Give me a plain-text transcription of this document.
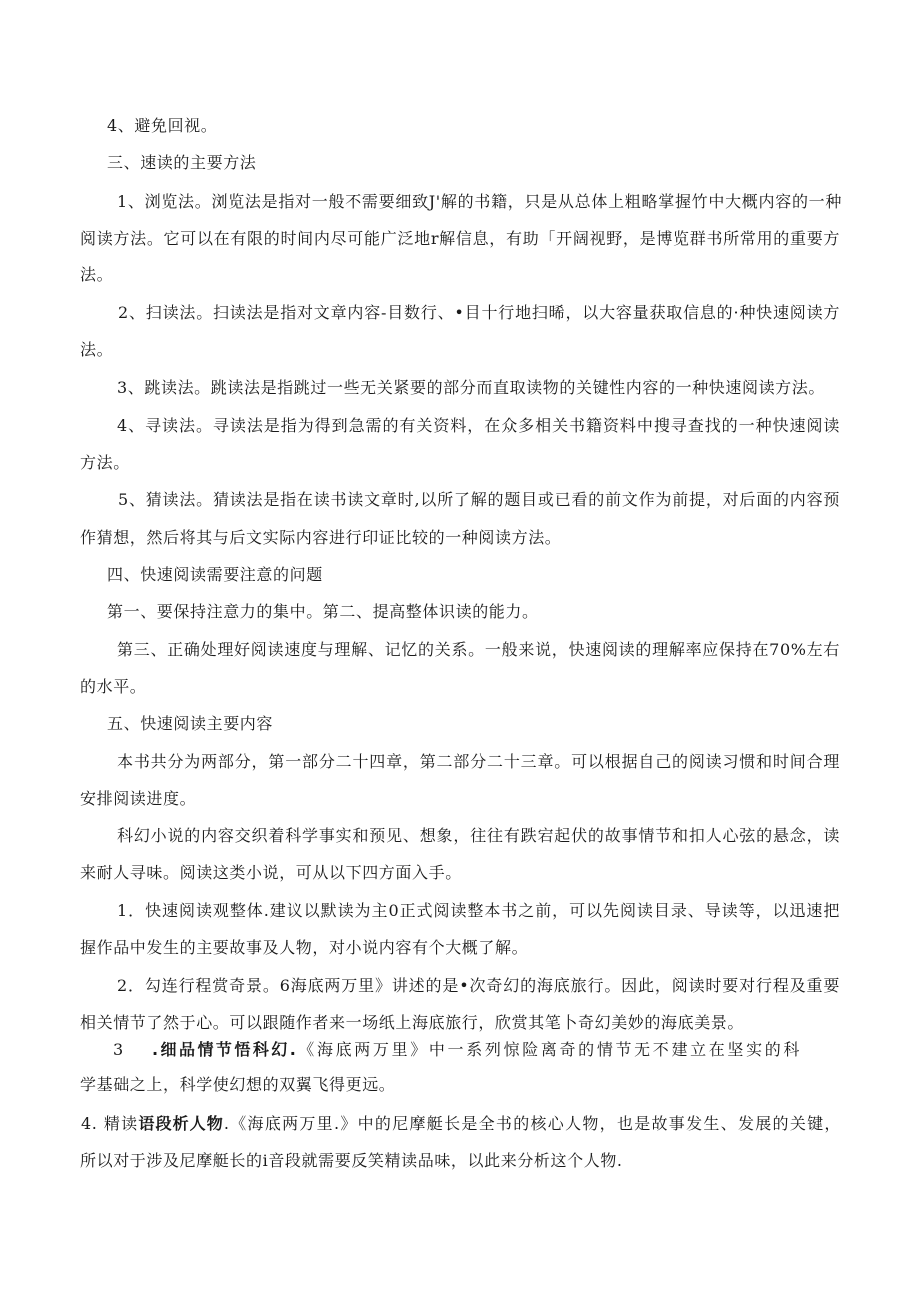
4、避免回视。
三、速读的主要方法
1、浏览法。浏览法是指对一般不需要细致J'解的书籍，只是从总体上粗略掌握竹中大概内容的一种
阅读方法。它可以在有限的时间内尽可能广泛地r解信息，有助「开阔视野，是博览群书所常用的重要方
法。
2、扫读法。扫读法是指对文章内容-目数行、•目十行地扫晞，以大容量获取信息的·种快速阅读方
法。
3、跳读法。跳读法是指跳过一些无关紧要的部分而直取读物的关键性内容的一种快速阅读方法。
4、寻读法。寻读法是指为得到急需的有关资料，在众多相关书籍资料中搜寻查找的一种快速阅读
方法。
5、猜读法。猜读法是指在读书读文章时,以所了解的题目或已看的前文作为前提，对后面的内容预
作猜想，然后将其与后文实际内容进行印证比较的一种阅读方法。
四、快速阅读需要注意的问题
第一、要保持注意力的集中。第二、提高整体识读的能力。
第三、正确处理好阅读速度与理解、记忆的关系。一般来说，快速阅读的理解率应保持在70%左右
的水平。
五、快速阅读主要内容
本书共分为两部分，第一部分二十四章，第二部分二十三章。可以根据自己的阅读习惯和时间合理
安排阅读进度。
科幻小说的内容交织着科学事实和预见、想象，往往有跌宕起伏的故事情节和扣人心弦的悬念，读
来耐人寻味。阅读这类小说，可从以下四方面入手。
1．快速阅读观整体.建议以默读为主0正式阅读整本书之前，可以先阅读目录、导读等，以迅速把
握作品中发生的主要故事及人物，对小说内容有个大概了解。
2．勾连行程赏奇景。6海底两万里》讲述的是•次奇幻的海底旅行。因此，阅读时要对行程及重要
相关情节了然于心。可以跟随作者来一场纸上海底旅行，欣赏其笔卜奇幻美妙的海底美景。
3 .细品情节悟科幻.《海底两万里》中一系列惊险离奇的情节无不建立在坚实的科
学基础之上，科学使幻想的双翼飞得更远。
4. 精读语段析人物.《海底两万里.》中的尼摩艇长是全书的核心人物，也是故事发生、发展的关键，
所以对于涉及尼摩艇长的i音段就需要反笑精读品味，以此来分析这个人物.
